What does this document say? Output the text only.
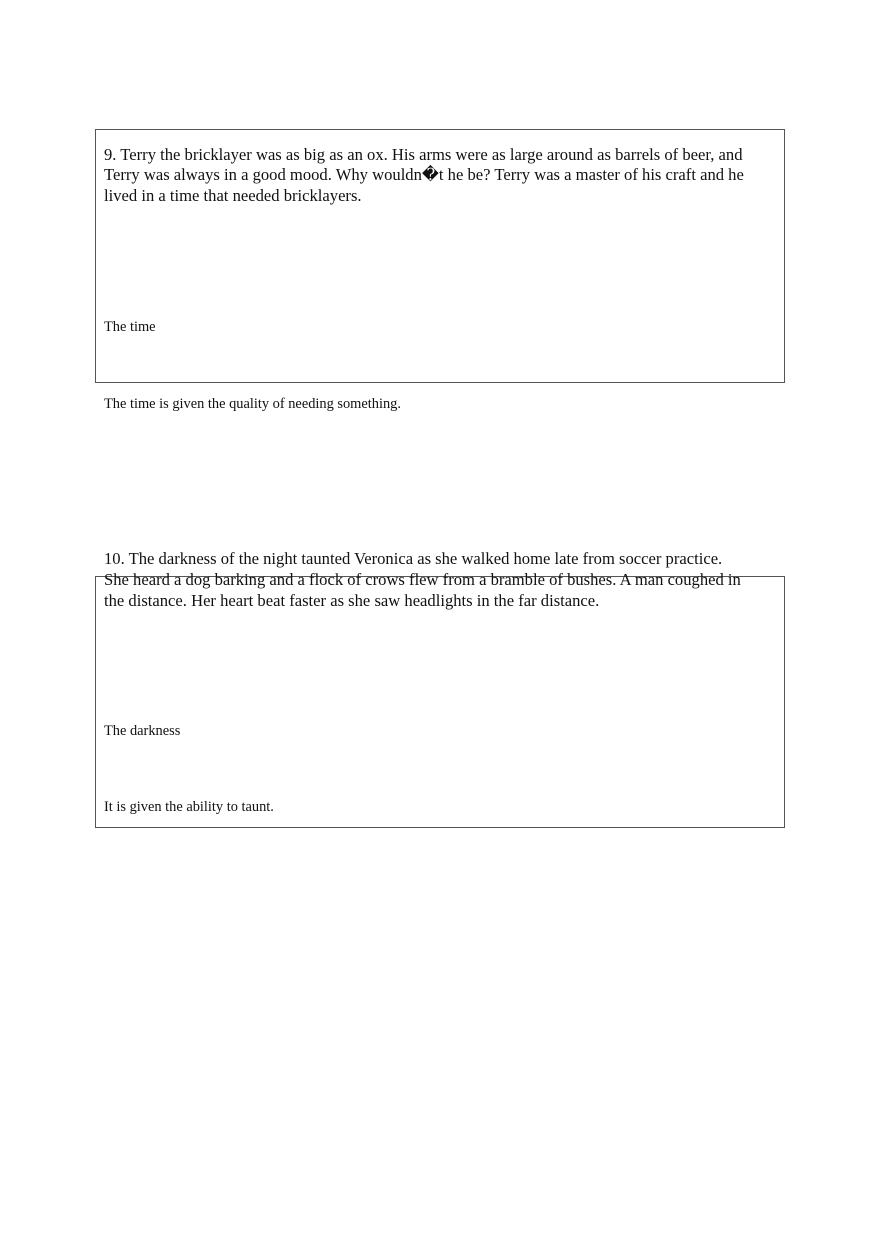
9. Terry the bricklayer was as big as an ox. His arms were as large around as barrels of beer, and

Terry was always in a good mood. Why wouldn�t he be? Terry was a master of his craft and he

lived in a time that needed bricklayers.

The time

The time is given the quality of needing something.

10. The darkness of the night taunted Veronica as she walked home late from soccer practice.

She heard a dog barking and a flock of crows flew from a bramble of bushes. A man coughed in

the distance. Her heart beat faster as she saw headlights in the far distance.

The darkness

It is given the ability to taunt.
